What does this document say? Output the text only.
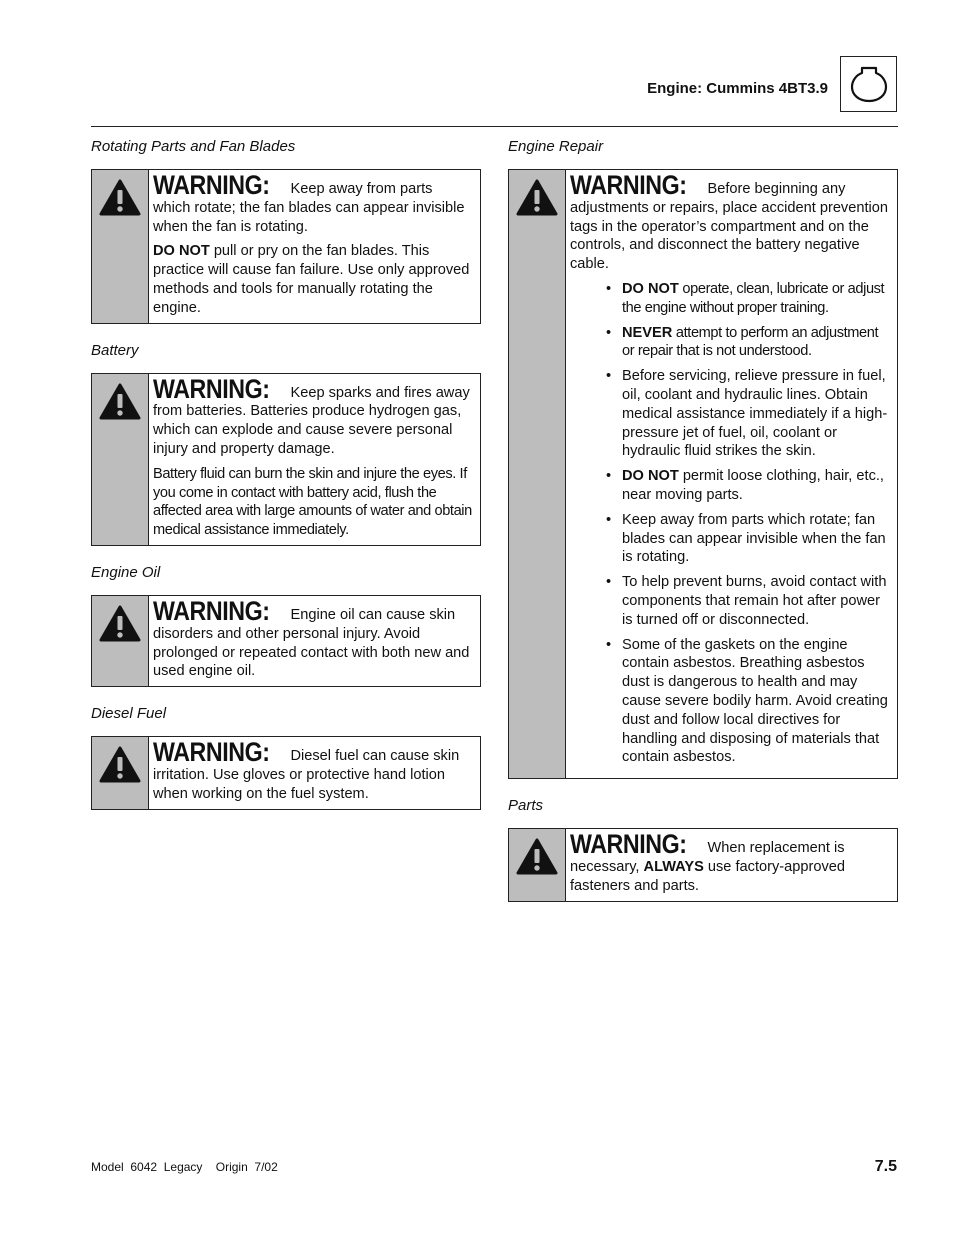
Engine: Cummins 4BT3.9
Rotating Parts and Fan Blades

WARNING: Keep away from parts which rotate; the fan blades can appear invisible when the fan is rotating.

DO NOT pull or pry on the fan blades. This practice will cause fan failure. Use only approved methods and tools for manually rotating the engine.

Battery

WARNING: Keep sparks and fires away from batteries. Batteries produce hydrogen gas, which can explode and cause severe personal injury and property damage.

Battery fluid can burn the skin and injure the eyes. If you come in contact with battery acid, flush the affected area with large amounts of water and obtain medical assistance immediately.

Engine Oil

WARNING: Engine oil can cause skin disorders and other personal injury. Avoid prolonged or repeated contact with both new and used engine oil.

Diesel Fuel

WARNING: Diesel fuel can cause skin irritation. Use gloves or protective hand lotion when working on the fuel system.

Engine Repair

WARNING: Before beginning any adjustments or repairs, place accident prevention tags in the operator’s compartment and on the controls, and disconnect the battery negative cable.

• DO NOT operate, clean, lubricate or adjust the engine without proper training.
• NEVER attempt to perform an adjustment or repair that is not understood.
• Before servicing, relieve pressure in fuel, oil, coolant and hydraulic lines. Obtain medical assistance immediately if a high-pressure jet of fuel, oil, coolant or hydraulic fluid strikes the skin.
• DO NOT permit loose clothing, hair, etc., near moving parts.
• Keep away from parts which rotate; fan blades can appear invisible when the fan is rotating.
• To help prevent burns, avoid contact with components that remain hot after power is turned off or disconnected.
• Some of the gaskets on the engine contain asbestos. Breathing asbestos dust is dangerous to health and may cause severe bodily harm. Avoid creating dust and follow local directives for handling and disposing of materials that contain asbestos.
Parts

WARNING: When replacement is necessary, ALWAYS use factory-approved fasteners and parts.

Model  6042  Legacy    Origin  7/02	7.5
